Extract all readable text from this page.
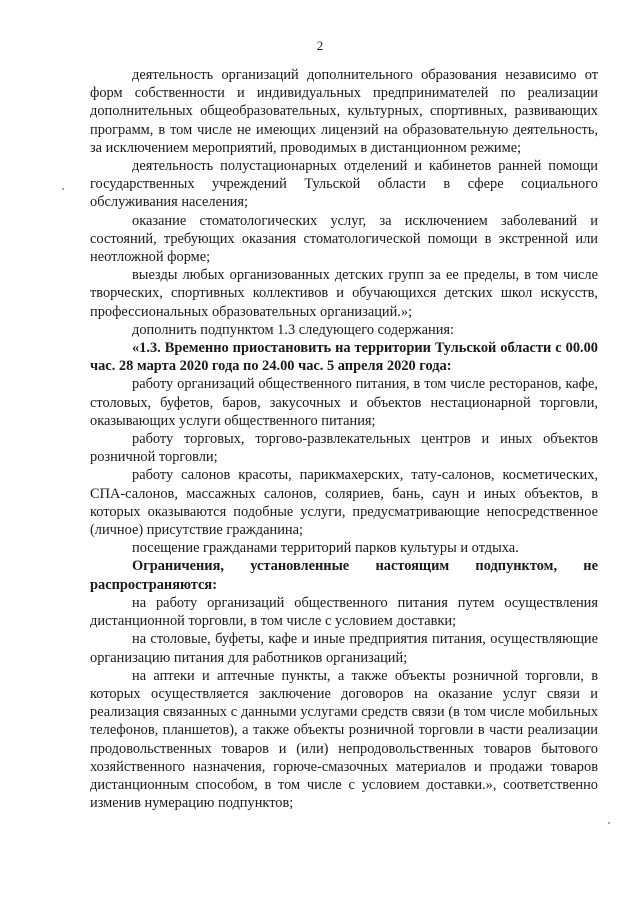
2

деятельность организаций дополнительного образования независимо от форм собственности и индивидуальных предпринимателей по реализации дополнительных общеобразовательных, культурных, спортивных, развивающих программ, в том числе не имеющих лицензий на образовательную деятельность, за исключением мероприятий, проводимых в дистанционном режиме;

деятельность полустационарных отделений и кабинетов ранней помощи государственных учреждений Тульской области в сфере социального обслуживания населения;

оказание стоматологических услуг, за исключением заболеваний и состояний, требующих оказания стоматологической помощи в экстренной или неотложной форме;

выезды любых организованных детских групп за ее пределы, в том числе творческих, спортивных коллективов и обучающихся детских школ искусств, профессиональных образовательных организаций.»;

дополнить подпунктом 1.3 следующего содержания:

«1.3. Временно приостановить на территории Тульской области с 00.00 час. 28 марта 2020 года по 24.00 час. 5 апреля 2020 года:

работу организаций общественного питания, в том числе ресторанов, кафе, столовых, буфетов, баров, закусочных и объектов нестационарной торговли, оказывающих услуги общественного питания;

работу торговых, торгово-развлекательных центров и иных объектов розничной торговли;

работу салонов красоты, парикмахерских, тату-салонов, косметических, СПА-салонов, массажных салонов, соляриев, бань, саун и иных объектов, в которых оказываются подобные услуги, предусматривающие непосредственное (личное) присутствие гражданина;

посещение гражданами территорий парков культуры и отдыха.

Ограничения, установленные настоящим подпунктом, не распространяются:

на работу организаций общественного питания путем осуществления дистанционной торговли, в том числе с условием доставки;

на столовые, буфеты, кафе и иные предприятия питания, осуществляющие организацию питания для работников организаций;

на аптеки и аптечные пункты, а также объекты розничной торговли, в которых осуществляется заключение договоров на оказание услуг связи и реализация связанных с данными услугами средств связи (в том числе мобильных телефонов, планшетов), а также объекты розничной торговли в части реализации продовольственных товаров и (или) непродовольственных товаров бытового хозяйственного назначения, горюче-смазочных материалов и продажи товаров дистанционным способом, в том числе с условием доставки.», соответственно изменив нумерацию подпунктов;
